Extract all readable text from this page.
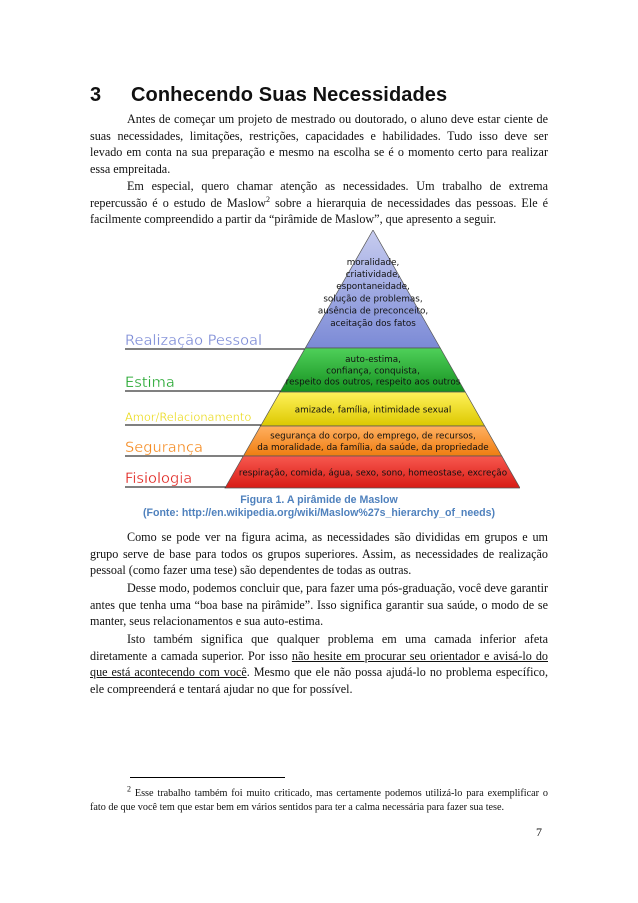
3 Conhecendo Suas Necessidades

Antes de começar um projeto de mestrado ou doutorado, o aluno deve estar ciente de suas necessidades, limitações, restrições, capacidades e habilidades. Tudo isso deve ser levado em conta na sua preparação e mesmo na escolha se é o momento certo para realizar essa empreitada.

Em especial, quero chamar atenção as necessidades. Um trabalho de extrema repercussão é o estudo de Maslow$^2$ sobre a hierarquia de necessidades das pessoas. Ele é facilmente compreendido a partir da “pirâmide de Maslow”, que apresento a seguir.

moralidade,
criatividade,
espontaneidade,
solução de problemas,
ausência de preconceito,
aceitação dos fatos
Realização Pessoal
auto-estima,
confiança, conquista,
respeito dos outros, respeito aos outros
Estima
amizade, família, intimidade sexual
Amor/Relacionamento
segurança do corpo, do emprego, de recursos,
da moralidade, da família, da saúde, da propriedade
Segurança
respiração, comida, água, sexo, sono, homeostase, excreção
Fisiologia
Figura 1. A pirâmide de Maslow
(Fonte: http://en.wikipedia.org/wiki/Maslow%27s_hierarchy_of_needs)

Como se pode ver na figura acima, as necessidades são divididas em grupos e um grupo serve de base para todos os grupos superiores. Assim, as necessidades de realização pessoal (como fazer uma tese) são dependentes de todas as outras.

Desse modo, podemos concluir que, para fazer uma pós-graduação, você deve garantir antes que tenha uma “boa base na pirâmide”. Isso significa garantir sua saúde, o modo de se manter, seus relacionamentos e sua auto-estima.

Isto também significa que qualquer problema em uma camada inferior afeta diretamente a camada superior. Por isso não hesite em procurar seu orientador e avisá-lo do que está acontecendo com você. Mesmo que ele não possa ajudá-lo no problema específico, ele compreenderá e tentará ajudar no que for possível.

$^2$ Esse trabalho também foi muito criticado, mas certamente podemos utilizá-lo para exemplificar o fato de que você tem que estar bem em vários sentidos para ter a calma necessária para fazer sua tese.

7
